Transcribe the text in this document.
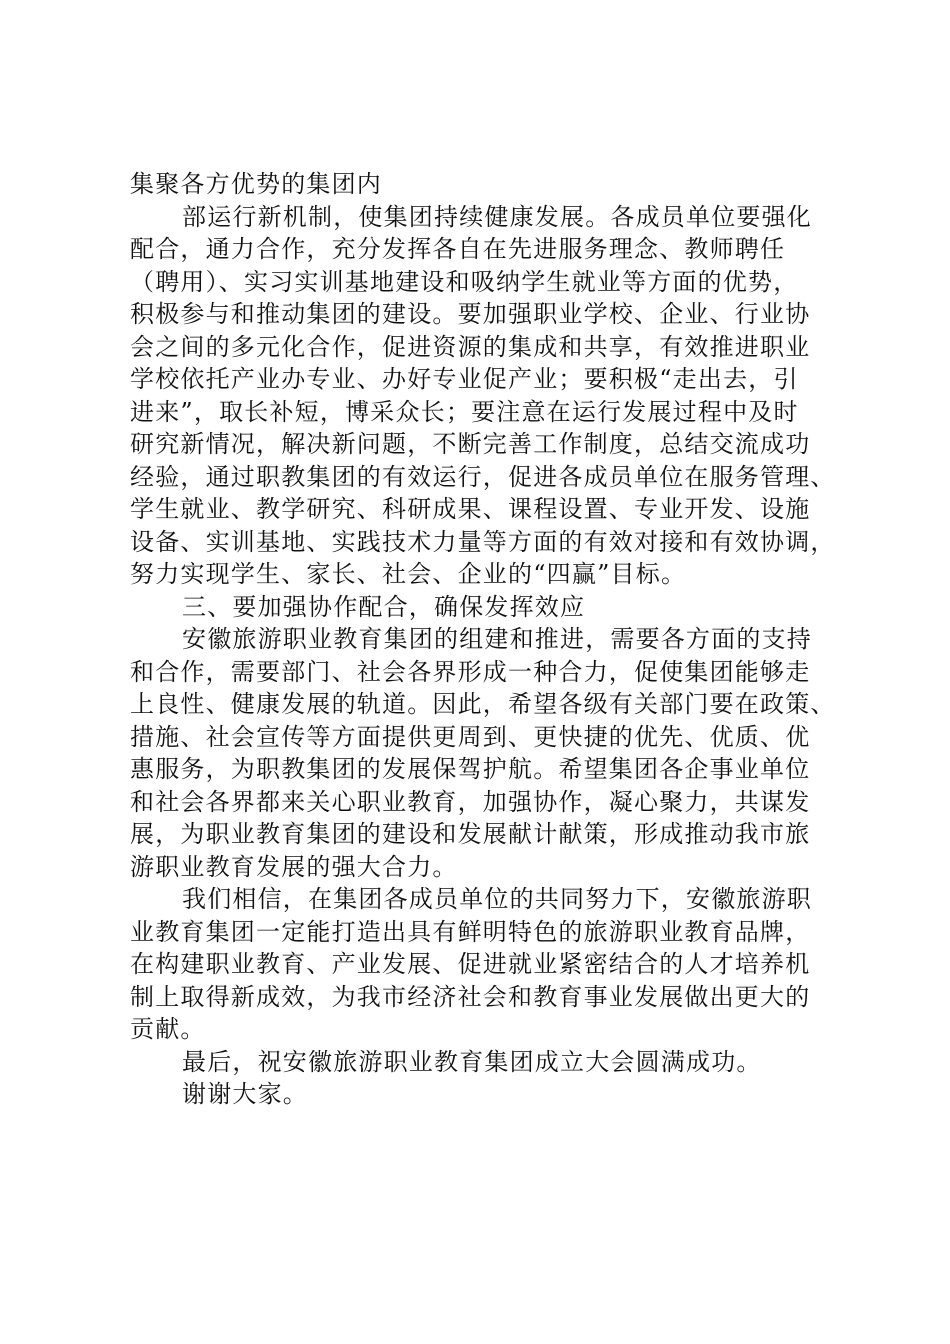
集聚各方优势的集团内

部运行新机制，使集团持续健康发展。各成员单位要强化
配合，通力合作，充分发挥各自在先进服务理念、教师聘任
（聘用）、实习实训基地建设和吸纳学生就业等方面的优势，
积极参与和推动集团的建设。要加强职业学校、企业、行业协
会之间的多元化合作，促进资源的集成和共享，有效推进职业
学校依托产业办专业、办好专业促产业；要积极“走出去，引
进来”，取长补短，博采众长；要注意在运行发展过程中及时
研究新情况，解决新问题，不断完善工作制度，总结交流成功
经验，通过职教集团的有效运行，促进各成员单位在服务管理、
学生就业、教学研究、科研成果、课程设置、专业开发、设施
设备、实训基地、实践技术力量等方面的有效对接和有效协调，
努力实现学生、家长、社会、企业的“四赢”目标。

三、要加强协作配合，确保发挥效应

安徽旅游职业教育集团的组建和推进，需要各方面的支持
和合作，需要部门、社会各界形成一种合力，促使集团能够走
上良性、健康发展的轨道。因此，希望各级有关部门要在政策、
措施、社会宣传等方面提供更周到、更快捷的优先、优质、优
惠服务，为职教集团的发展保驾护航。希望集团各企事业单位
和社会各界都来关心职业教育，加强协作，凝心聚力，共谋发
展，为职业教育集团的建设和发展献计献策，形成推动我市旅
游职业教育发展的强大合力。

我们相信，在集团各成员单位的共同努力下，安徽旅游职
业教育集团一定能打造出具有鲜明特色的旅游职业教育品牌，
在构建职业教育、产业发展、促进就业紧密结合的人才培养机
制上取得新成效，为我市经济社会和教育事业发展做出更大的
贡献。

最后，祝安徽旅游职业教育集团成立大会圆满成功。

谢谢大家。
